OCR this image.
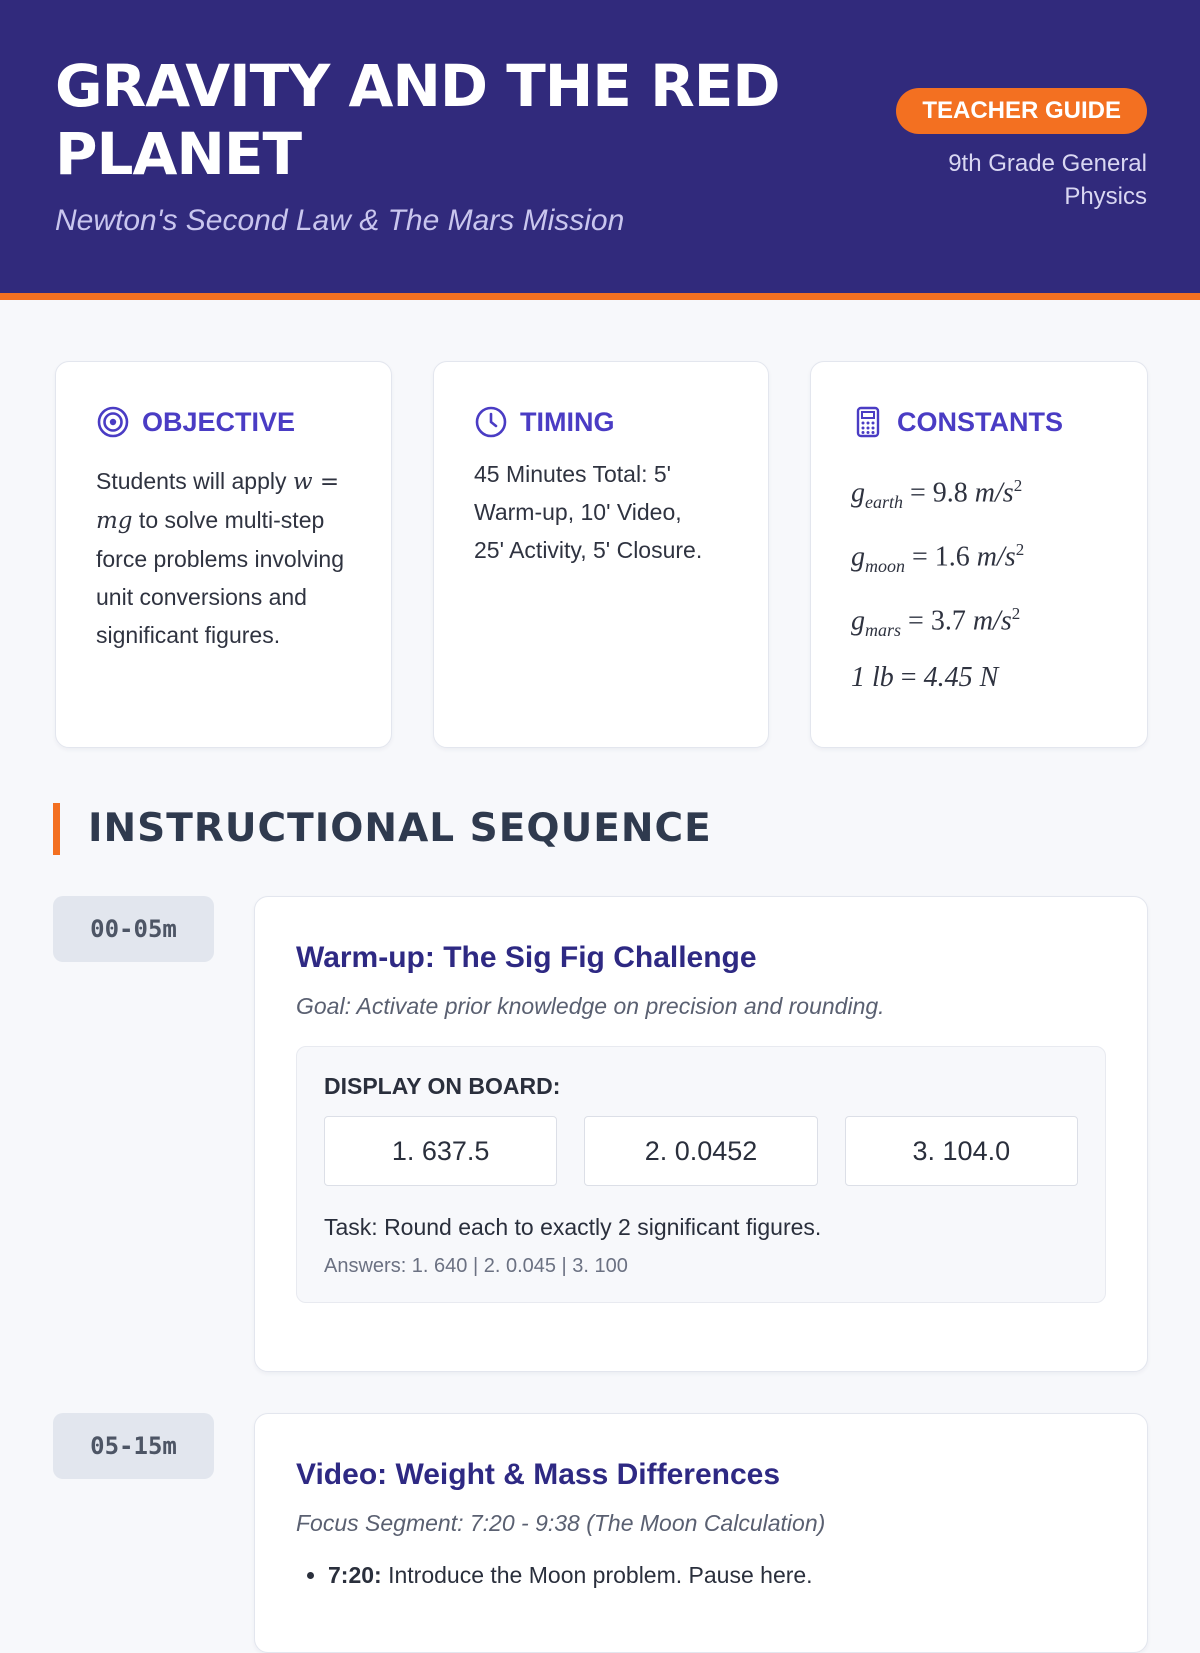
GRAVITY AND THE RED PLANET
Newton's Second Law & The Mars Mission
TEACHER GUIDE
9th Grade General Physics
OBJECTIVE
Students will apply w = mg to solve multi-step force problems involving unit conversions and significant figures.
TIMING
45 Minutes Total: 5' Warm-up, 10' Video, 25' Activity, 5' Closure.
CONSTANTS
$g_{earth} = 9.8$ $m/s^2$
$g_{moon} = 1.6$ $m/s^2$
$g_{mars} = 3.7$ $m/s^2$
1 lb = 4.45 N
INSTRUCTIONAL SEQUENCE
00-05m
Warm-up: The Sig Fig Challenge
Goal: Activate prior knowledge on precision and rounding.
DISPLAY ON BOARD:
1. 637.5	2. 0.0452	3. 104.0
Task: Round each to exactly 2 significant figures.
Answers: 1. 640 | 2. 0.045 | 3. 100
05-15m
Video: Weight & Mass Differences
Focus Segment: 7:20 - 9:38 (The Moon Calculation)
• 7:20: Introduce the Moon problem. Pause here.
